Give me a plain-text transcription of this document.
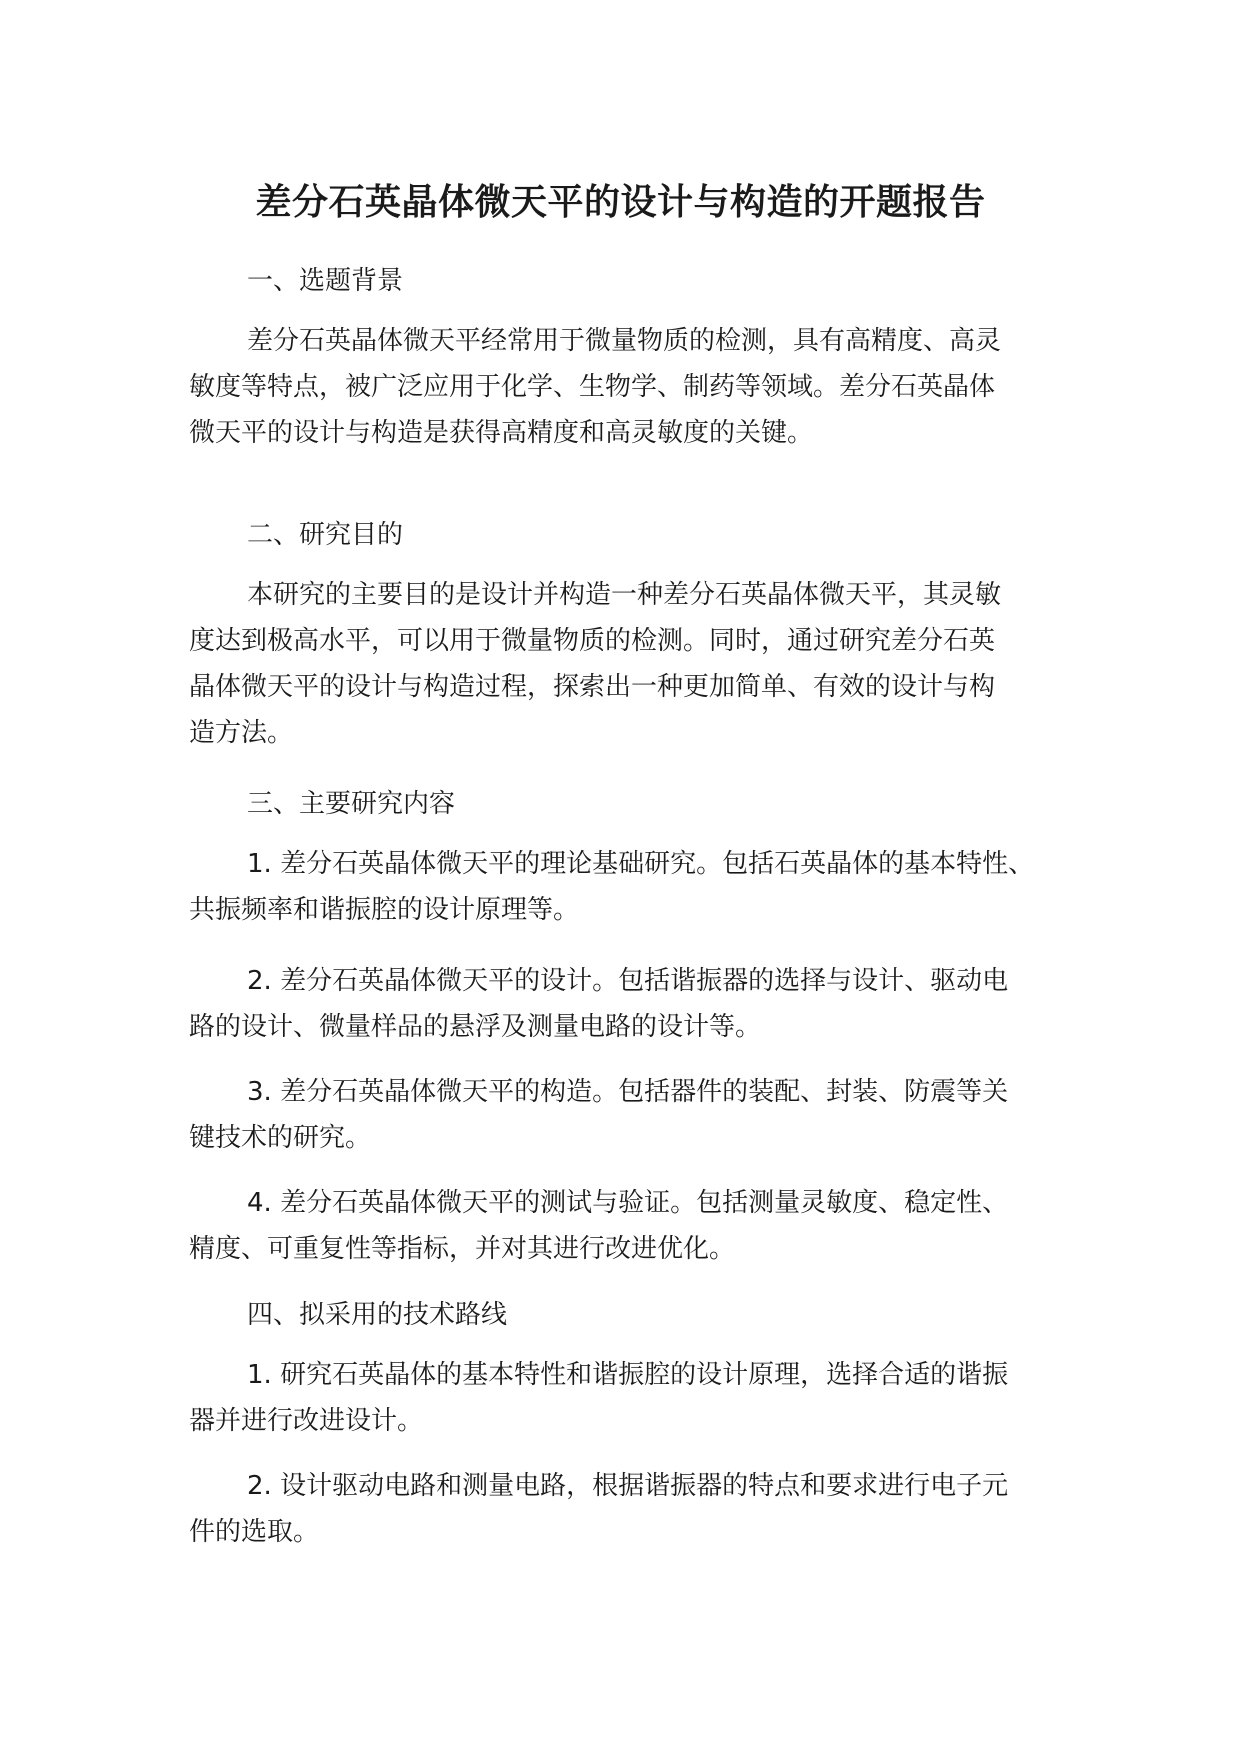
差分石英晶体微天平的设计与构造的开题报告
一、选题背景
差分石英晶体微天平经常用于微量物质的检测，具有高精度、高灵
敏度等特点，被广泛应用于化学、生物学、制药等领域。差分石英晶体
微天平的设计与构造是获得高精度和高灵敏度的关键。
二、研究目的
本研究的主要目的是设计并构造一种差分石英晶体微天平，其灵敏
度达到极高水平，可以用于微量物质的检测。同时，通过研究差分石英
晶体微天平的设计与构造过程，探索出一种更加简单、有效的设计与构
造方法。
三、主要研究内容
1. 差分石英晶体微天平的理论基础研究。包括石英晶体的基本特性、
共振频率和谐振腔的设计原理等。
2. 差分石英晶体微天平的设计。包括谐振器的选择与设计、驱动电
路的设计、微量样品的悬浮及测量电路的设计等。
3. 差分石英晶体微天平的构造。包括器件的装配、封装、防震等关
键技术的研究。
4. 差分石英晶体微天平的测试与验证。包括测量灵敏度、稳定性、
精度、可重复性等指标，并对其进行改进优化。
四、拟采用的技术路线
1. 研究石英晶体的基本特性和谐振腔的设计原理，选择合适的谐振
器并进行改进设计。
2. 设计驱动电路和测量电路，根据谐振器的特点和要求进行电子元
件的选取。
